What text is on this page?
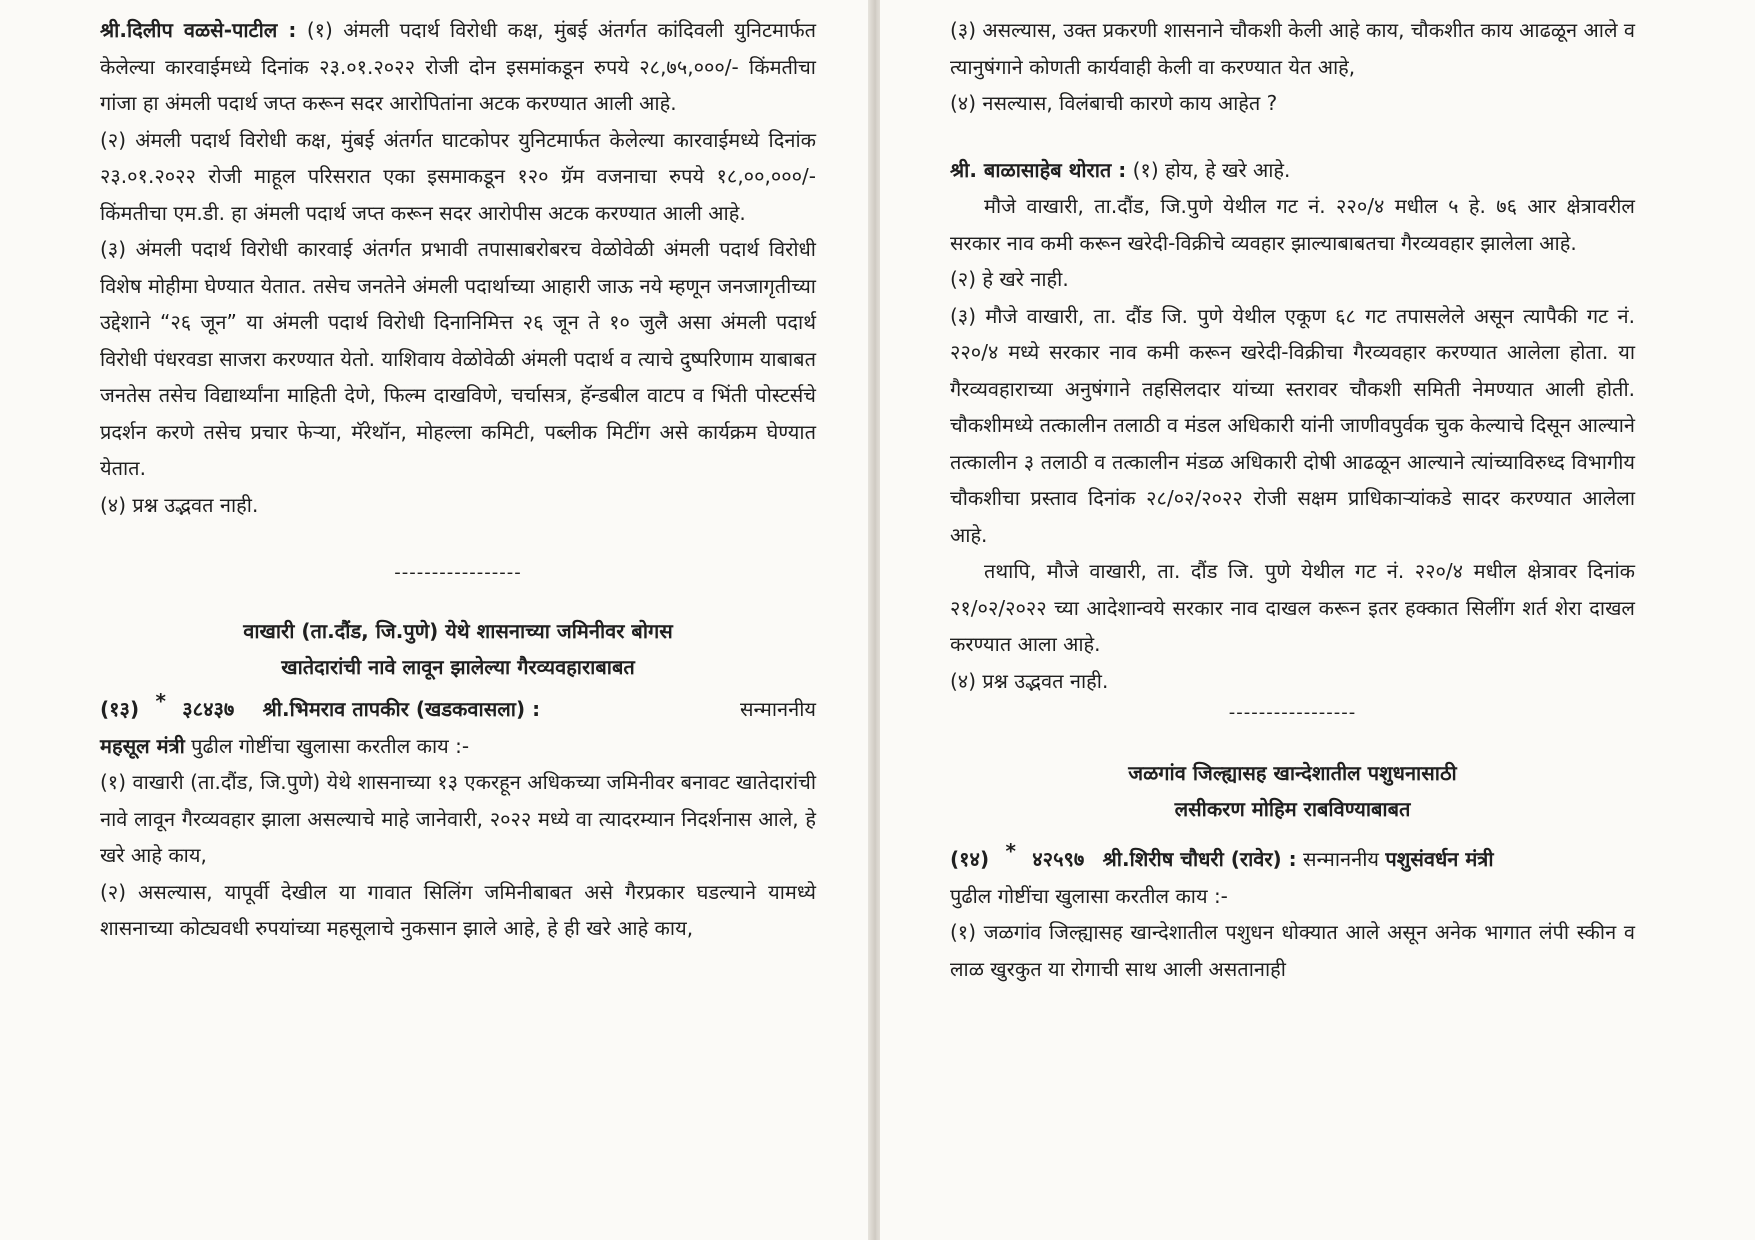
श्री.दिलीप वळसे-पाटील : (१) अंमली पदार्थ विरोधी कक्ष, मुंबई अंतर्गत कांदिवली युनिटमार्फत केलेल्या कारवाईमध्ये दिनांक २३.०१.२०२२ रोजी दोन इसमांकडून रुपये २८,७५,०००/- किंमतीचा गांजा हा अंमली पदार्थ जप्त करून सदर आरोपितांना अटक करण्यात आली आहे.

(२) अंमली पदार्थ विरोधी कक्ष, मुंबई अंतर्गत घाटकोपर युनिटमार्फत केलेल्या कारवाईमध्ये दिनांक २३.०१.२०२२ रोजी माहूल परिसरात एका इसमाकडून १२० ग्रॅम वजनाचा रुपये १८,००,०००/- किंमतीचा एम.डी. हा अंमली पदार्थ जप्त करून सदर आरोपीस अटक करण्यात आली आहे.

(३) अंमली पदार्थ विरोधी कारवाई अंतर्गत प्रभावी तपासाबरोबरच वेळोवेळी अंमली पदार्थ विरोधी विशेष मोहीमा घेण्यात येतात. तसेच जनतेने अंमली पदार्थाच्या आहारी जाऊ नये म्हणून जनजागृतीच्या उद्देशाने “२६ जून” या अंमली पदार्थ विरोधी दिनानिमित्त २६ जून ते १० जुलै असा अंमली पदार्थ विरोधी पंधरवडा साजरा करण्यात येतो. याशिवाय वेळोवेळी अंमली पदार्थ व त्याचे दुष्परिणाम याबाबत जनतेस तसेच विद्यार्थ्यांना माहिती देणे, फिल्म दाखविणे, चर्चासत्र, हॅन्डबील वाटप व भिंती पोस्टर्सचे प्रदर्शन करणे तसेच प्रचार फेऱ्या, मॅरेथॉन, मोहल्ला कमिटी, पब्लीक मिटींग असे कार्यक्रम घेण्यात येतात.

(४) प्रश्न उद्भवत नाही.

-----------------

वाखारी (ता.दौंड, जि.पुणे) येथे शासनाच्या जमिनीवर बोगस

खातेदारांची नावे लावून झालेल्या गैरव्यवहाराबाबत

(१३) * ३८४३७ श्री.भिमराव तापकीर (खडकवासला) :	सन्माननीय

महसूल मंत्री पुढील गोष्टींचा खुलासा करतील काय :-

(१) वाखारी (ता.दौंड, जि.पुणे) येथे शासनाच्या १३ एकरहून अधिकच्या जमिनीवर बनावट खातेदारांची नावे लावून गैरव्यवहार झाला असल्याचे माहे जानेवारी, २०२२ मध्ये वा त्यादरम्यान निदर्शनास आले, हे खरे आहे काय,

(२) असल्यास, यापूर्वी देखील या गावात सिलिंग जमिनीबाबत असे गैरप्रकार घडल्याने यामध्ये शासनाच्या कोट्यवधी रुपयांच्या महसूलाचे नुकसान झाले आहे, हे ही खरे आहे काय,

(३) असल्यास, उक्त प्रकरणी शासनाने चौकशी केली आहे काय, चौकशीत काय आढळून आले व त्यानुषंगाने कोणती कार्यवाही केली वा करण्यात येत आहे,

(४) नसल्यास, विलंबाची कारणे काय आहेत ?

श्री. बाळासाहेब थोरात : (१) होय, हे खरे आहे.

मौजे वाखारी, ता.दौंड, जि.पुणे येथील गट नं. २२०/४ मधील ५ हे. ७६ आर क्षेत्रावरील सरकार नाव कमी करून खरेदी-विक्रीचे व्यवहार झाल्याबाबतचा गैरव्यवहार झालेला आहे.

(२) हे खरे नाही.

(३) मौजे वाखारी, ता. दौंड जि. पुणे येथील एकूण ६८ गट तपासलेले असून त्यापैकी गट नं. २२०/४ मध्ये सरकार नाव कमी करून खरेदी-विक्रीचा गैरव्यवहार करण्यात आलेला होता. या गैरव्यवहाराच्या अनुषंगाने तहसिलदार यांच्या स्तरावर चौकशी समिती नेमण्यात आली होती. चौकशीमध्ये तत्कालीन तलाठी व मंडल अधिकारी यांनी जाणीवपुर्वक चुक केल्याचे दिसून आल्याने तत्कालीन ३ तलाठी व तत्कालीन मंडळ अधिकारी दोषी आढळून आल्याने त्यांच्याविरुध्द विभागीय चौकशीचा प्रस्ताव दिनांक २८/०२/२०२२ रोजी सक्षम प्राधिकाऱ्यांकडे सादर करण्यात आलेला आहे.

तथापि, मौजे वाखारी, ता. दौंड जि. पुणे येथील गट नं. २२०/४ मधील क्षेत्रावर दिनांक २१/०२/२०२२ च्या आदेशान्वये सरकार नाव दाखल करून इतर हक्कात सिलींग शर्त शेरा दाखल करण्यात आला आहे.

(४) प्रश्न उद्भवत नाही.

-----------------

जळगांव जिल्ह्यासह खान्देशातील पशुधनासाठी

लसीकरण मोहिम राबविण्याबाबत

(१४) * ४२५९७ श्री.शिरीष चौधरी (रावेर) : सन्माननीय पशुसंवर्धन मंत्री

पुढील गोष्टींचा खुलासा करतील काय :-

(१) जळगांव जिल्ह्यासह खान्देशातील पशुधन धोक्यात आले असून अनेक भागात लंपी स्कीन व लाळ खुरकुत या रोगाची साथ आली असतानाही
